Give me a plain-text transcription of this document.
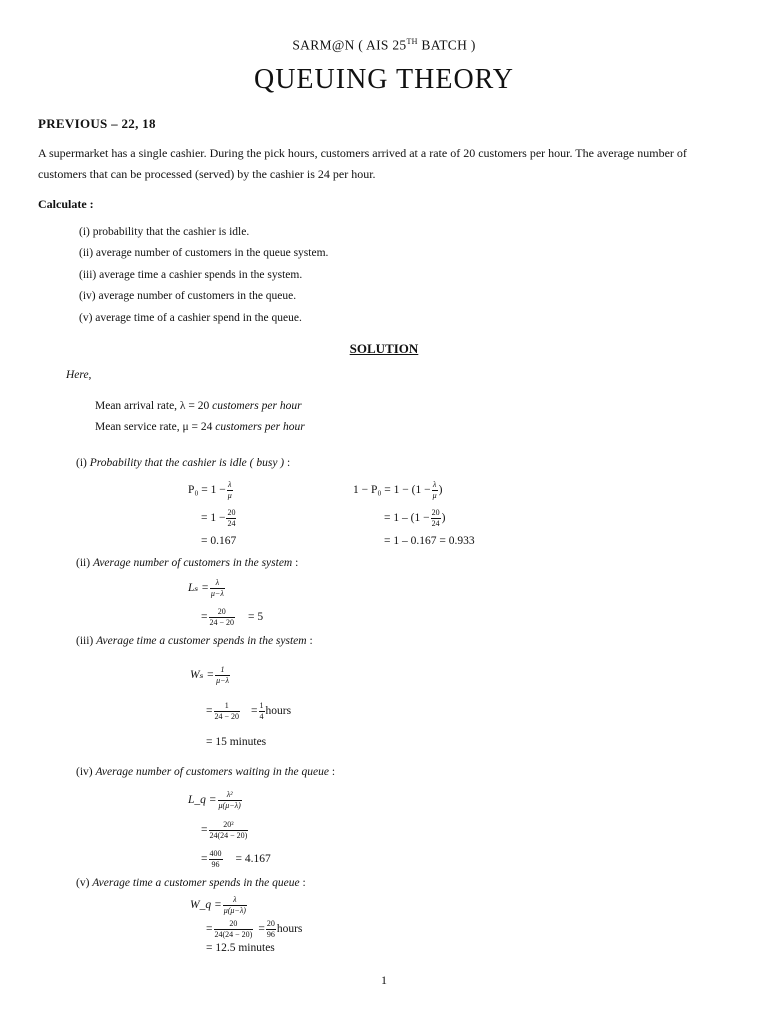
SARM@N ( AIS 25TH BATCH )
QUEUING THEORY
PREVIOUS – 22, 18
A supermarket has a single cashier. During the pick hours, customers arrived at a rate of 20 customers per hour. The average number of customers that can be processed (served) by the cashier is 24 per hour.
Calculate :
(i) probability that the cashier is idle.
(ii) average number of customers in the queue system.
(iii) average time a cashier spends in the system.
(iv) average number of customers in the queue.
(v) average time of a cashier spend in the queue.
SOLUTION
Here,
Mean arrival rate, λ = 20 customers per hour
Mean service rate, μ = 24 customers per hour
(i) Probability that the cashier is idle ( busy ) :
$P_0 = 1 - \frac{\lambda}{\mu}$
= $1 - \frac{20}{24}$
= 0.167
$1 - P_0 = 1 - (1 - \frac{\lambda}{\mu}$ )
= $1 - (1 - \frac{20}{24}$ )
= 1 – 0.167 = 0.933
(ii) Average number of customers in the system :
$L_s = \frac{\lambda}{\mu-\lambda}$
= $\frac{20}{24 - 20} = 5$
(iii) Average time a customer spends in the system :
$W_s = \frac{1}{\mu-\lambda}$
= $\frac{1}{24 - 20} = \frac{1}{4}$ hours
= 15 minutes
(iv) Average number of customers waiting in the queue :
L_q = $\frac{\text{λ²}}{\mu(\mu-\lambda)}$
= $\frac{\text{20²}}{24(24 - 20)}$
= $\frac{400}{96} = 4.167$
(v) Average time a customer spends in the queue :
W_q = $\frac{\lambda}{\mu(\mu-\lambda)}$
= $\frac{20}{24(24 - 20)} = \frac{20}{96}$ hours
= 12.5 minutes
1
